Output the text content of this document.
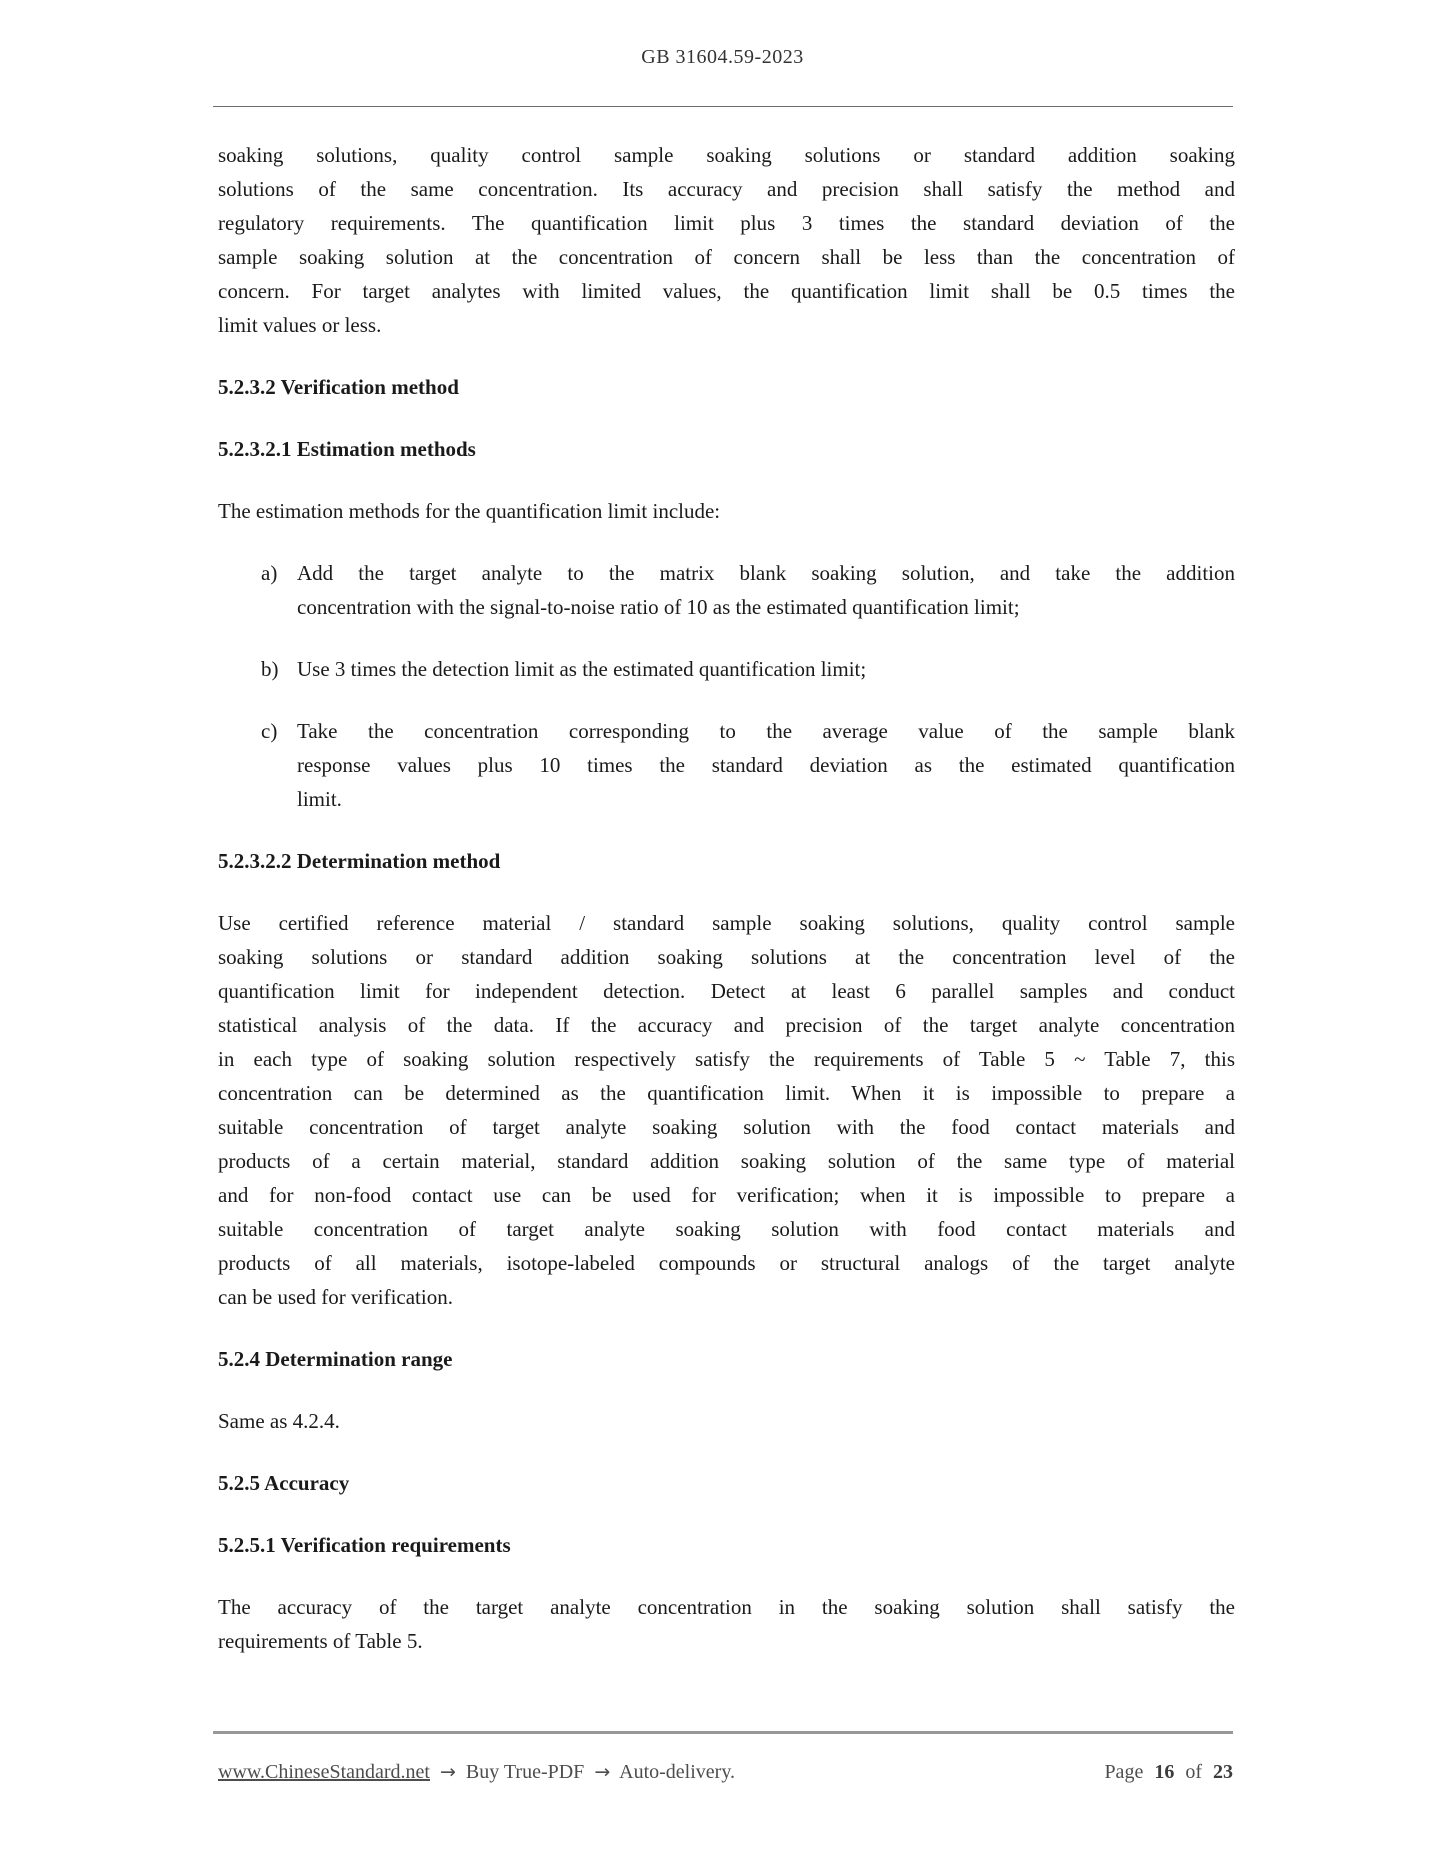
GB 31604.59-2023
soaking solutions, quality control sample soaking solutions or standard addition soaking
solutions of the same concentration. Its accuracy and precision shall satisfy the method and
regulatory requirements. The quantification limit plus 3 times the standard deviation of the
sample soaking solution at the concentration of concern shall be less than the concentration of
concern. For target analytes with limited values, the quantification limit shall be 0.5 times the
limit values or less.
5.2.3.2 Verification method
5.2.3.2.1 Estimation methods
The estimation methods for the quantification limit include:
a) Add the target analyte to the matrix blank soaking solution, and take the addition
concentration with the signal-to-noise ratio of 10 as the estimated quantification limit;
b) Use 3 times the detection limit as the estimated quantification limit;
c) Take the concentration corresponding to the average value of the sample blank
response values plus 10 times the standard deviation as the estimated quantification
limit.
5.2.3.2.2 Determination method
Use certified reference material / standard sample soaking solutions, quality control sample
soaking solutions or standard addition soaking solutions at the concentration level of the
quantification limit for independent detection. Detect at least 6 parallel samples and conduct
statistical analysis of the data. If the accuracy and precision of the target analyte concentration
in each type of soaking solution respectively satisfy the requirements of Table 5 ~ Table 7, this
concentration can be determined as the quantification limit. When it is impossible to prepare a
suitable concentration of target analyte soaking solution with the food contact materials and
products of a certain material, standard addition soaking solution of the same type of material
and for non-food contact use can be used for verification; when it is impossible to prepare a
suitable concentration of target analyte soaking solution with food contact materials and
products of all materials, isotope-labeled compounds or structural analogs of the target analyte
can be used for verification.
5.2.4 Determination range
Same as 4.2.4.
5.2.5 Accuracy
5.2.5.1 Verification requirements
The accuracy of the target analyte concentration in the soaking solution shall satisfy the
requirements of Table 5.
www.ChineseStandard.net → Buy True-PDF → Auto-delivery.	Page 16 of 23
